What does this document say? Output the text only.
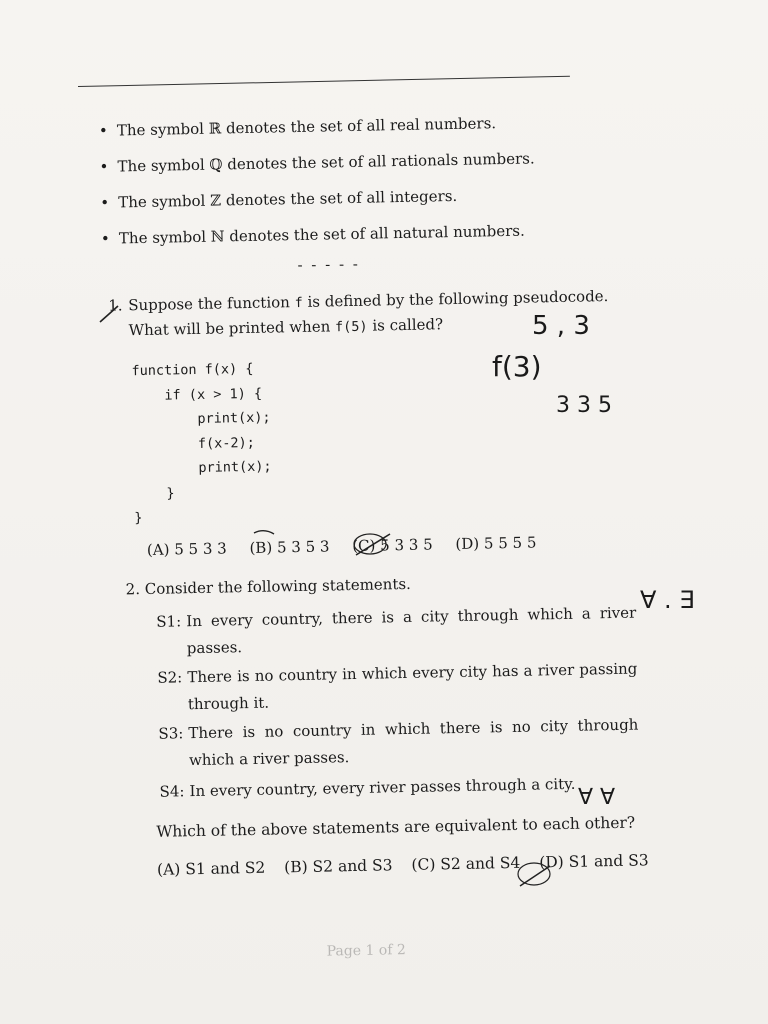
• The symbol ℝ denotes the set of all real numbers.
• The symbol ℚ denotes the set of all rationals numbers.
• The symbol ℤ denotes the set of all integers.
• The symbol ℕ denotes the set of all natural numbers.
- - - - -
1. Suppose the function f is defined by the following pseudocode.
What will be printed when f(5) is called?
function f(x) {
if (x > 1) {
print(x);
f(x-2);
print(x);
}
}
(A) 5 5 3 3 (B) 5 3 5 3 (C) 5 3 3 5 (D) 5 5 5 5
2. Consider the following statements.
S1: In every country, there is a city through which a river passes.
S2: There is no country in which every city has a river passing through it.
S3: There is no country in which there is no city through which a river passes.
S4: In every country, every river passes through a city.
Which of the above statements are equivalent to each other?
(A) S1 and S2 (B) S2 and S3 (C) S2 and S4 (D) S1 and S3
Page 1 of 2
5 , 3
f(3)
3 3 5
∀ . ∃
∀ ∀
